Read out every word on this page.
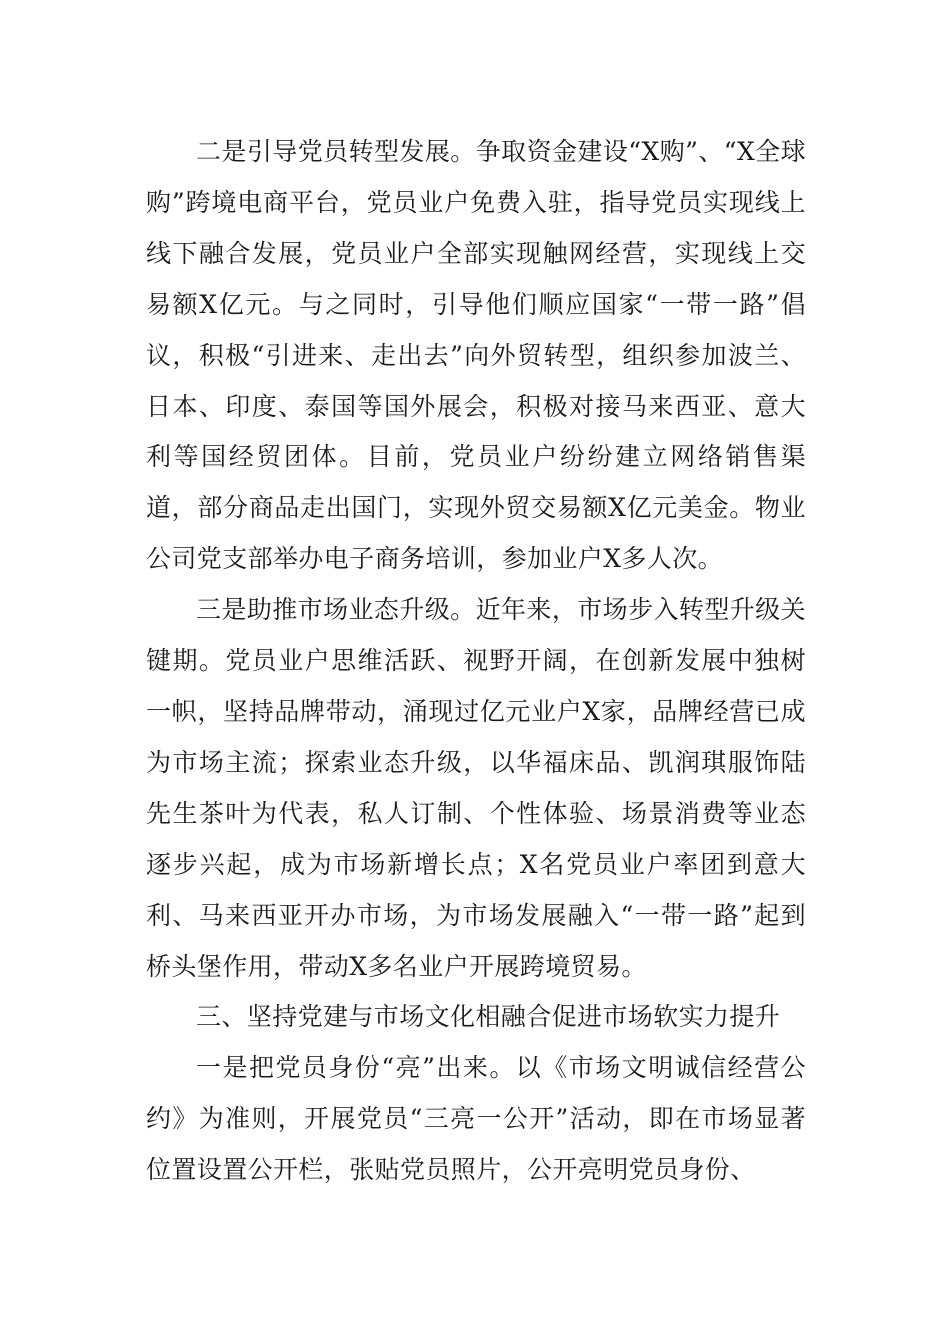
二是引导党员转型发展。争取资金建设“X购”、“X全球购”跨境电商平台，党员业户免费入驻，指导党员实现线上线下融合发展，党员业户全部实现触网经营，实现线上交易额X亿元。与之同时，引导他们顺应国家“一带一路”倡议，积极“引进来、走出去”向外贸转型，组织参加波兰、日本、印度、泰国等国外展会，积极对接马来西亚、意大利等国经贸团体。目前，党员业户纷纷建立网络销售渠道，部分商品走出国门，实现外贸交易额X亿元美金。物业公司党支部举办电子商务培训，参加业户X多人次。

三是助推市场业态升级。近年来，市场步入转型升级关键期。党员业户思维活跃、视野开阔，在创新发展中独树一帜，坚持品牌带动，涌现过亿元业户X家，品牌经营已成为市场主流；探索业态升级，以华福床品、凯润琪服饰陆先生茶叶为代表，私人订制、个性体验、场景消费等业态逐步兴起，成为市场新增长点；X名党员业户率团到意大利、马来西亚开办市场，为市场发展融入“一带一路”起到桥头堡作用，带动X多名业户开展跨境贸易。

三、坚持党建与市场文化相融合促进市场软实力提升

一是把党员身份“亮”出来。以《市场文明诚信经营公约》为准则，开展党员“三亮一公开”活动，即在市场显著位置设置公开栏，张贴党员照片，公开亮明党员身份、
